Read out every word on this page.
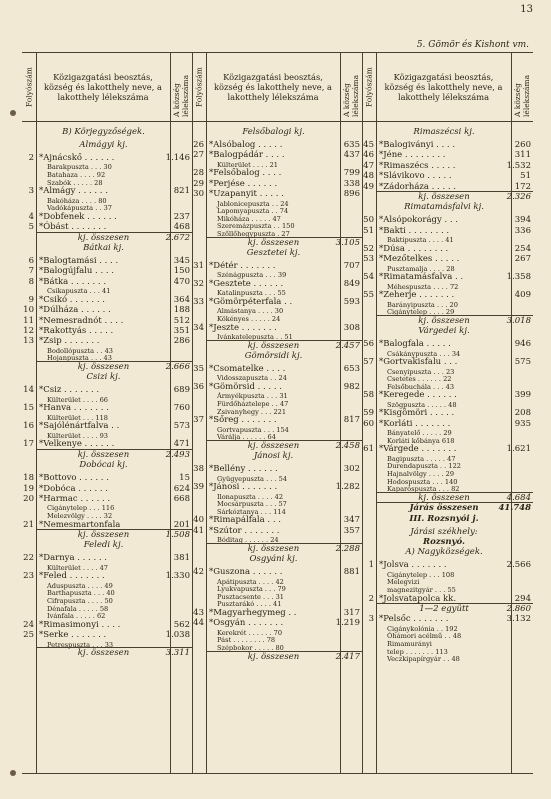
13
5. Gömör és Kishont vm.
Folyószám	Közigazgatási beosztás, község és lakotthely neve, a lakotthely lélekszáma	A község lélekszáma
B) Körjegyzőségek.
Almágyi kj.
2 *Ajnácskő . . . . . .	1.146
Barakpuszta . . . 30
Batahaza . . . . 92
Szabók . . . . . 28
3 *Almágy . . . . . .	821
Bakóháza . . . . 80
Vadókápuszta . . 37
4 *Dobfenek . . . . . .	237
5 *Óbást . . . . . . .	468
kj. összesen	2.672
Bátkai kj.
6 *Balogtamási . . . .	345
7 *Balogújfalu . . . .	150
8 *Bátka . . . . . . .	470
Csikapuszta . . . 41
9 *Csikó . . . . . . .	364
10 *Dúlháza . . . . . .	188
11 *Nemesradnót . . . .	512
12 *Rakottyás . . . . .	351
13 *Zsip . . . . . . .	286
Bodollópuszta . . 43
Hojanpuszta . . . 43
kj. összesen	2.666
Csizi kj.
14 *Csiz . . . . . . .	689
Külterület . . . . 66
15 *Hanva . . . . . . .	760
Külterület . . . 118
16 *Sajólénártfalva . .	573
Külterület . . . . 93
17 *Velkenye . . . . . .	471
kj. összesen	2.493
Dobócai kj.
18 *Bottovo . . . . . .	15
19 *Dobóca . . . . . .	624
20 *Harmac . . . . . .	668
Cigánytelep . . . 116
Melezvölgy . . . . 32
21 *Nemesmartonfala	201
kj. összesen	1.508
Feledi kj.
22 *Darnya . . . . . .	381
Külterület . . . . 47
23 *Feled . . . . . . .	1.330
Aduspuszta . . . . 49
Barthapuszta . . . 40
Cifrapuszta . . . . 50
Dénafala . . . . . 58
Ivánfala . . . . . 62
24 *Rimasimonyi . . . .	562
25 *Serke . . . . . . .	1.038
Petrespuszta . . . 33
kj. összesen	3.311
Folyószám	Közigazgatási beosztás, község és lakotthely neve, a lakotthely lélekszáma	A község lélekszáma
Felsőbalogi kj.
26 *Alsóbalog . . . . .	635
27 *Balogpádár . . . .	437
Külterület . . . . 21
28 *Felsőbalog . . . .	799
29 *Perjése . . . . . .	338
30 *Uzapanyit . . . . .	896
Jablonicepuszta . . 24
Lapomyapuszta . . 74
Mikóháza . . . . . 47
Szeremázpuszta . . 150
Szőllőhegypuszta . 27
kj. összesen	3.105
Gesztetei kj.
31 *Détér . . . . . . .	707
Szénágpuszta . . . 39
32 *Gesztete . . . . . .	849
Katalinpuszta . . . 55
33 *Gömörpéterfala . .	593
Almástanya . . . . 30
Kökényes . . . . . 24
34 *Jeszte . . . . . . .	308
Ivánkatelepuszta . . 51
kj. összesen	2.457
Gömörsidi kj.
35 *Csomatelke . . . .	653
Vidosszapuszta . . 24
36 *Gömörsid . . . . .	982
Ármyékpuszta . . . 31
Fürdőháztelepe . . 47
Zsivanyhegy . . . 221
37 *Sőreg . . . . . . .	817
Gortvapuszta . . . 154
Várálja . . . . . . 64
kj. összesen	2.458
Jánosi kj.
38 *Bellény . . . . . .	302
Gyügyepuszta . . . 54
39 *Jánosi . . . . . . .	1.282
Ilonapuszta . . . . 42
Mocsárpuszta . . . 57
Sárkóztanya . . . 114
40 *Rimapálfala . . .	347
41 *Szútor . . . . . . .	357
Bóditag . . . . . . 24
kj. összesen	2.288
Osgyáni kj.
42 *Guszona . . . . . .	881
Apátipuszta . . . . 42
Lyukvapuszta . . . 79
Pusztacsente . . . 31
Pusztarákó . . . . 41
43 *Magyarhegymeg . .	317
44 *Osgyán . . . . . . .	1.219
Kerekrét . . . . . . 70
Pást . . . . . . . . 78
Szépbokor . . . . . 80
kj. összesen	2.417
Folyószám	Közigazgatási beosztás, község és lakotthely neve, a lakotthely lélekszáma	A község lélekszáma
Rimaszécsi kj.
45 *Balogiványi . . . .	260
46 *Jéne . . . . . . . .	311
47 *Rimaszécs . . . . .	1.532
48 *Slávikovo . . . . .	51
49 *Zádorháza . . . . .	172
kj. összesen	2.326
Rimatamásfalvi kj.
50 *Alsópokorágy . . .	394
51 *Bakti . . . . . . . .	336
Baktipuszta . . . . 41
52 *Dúsa . . . . . . . .	254
53 *Mezőtelkes . . . . .	267
Pusztamalja . . . . 28
54 *Rimatamásfalva . .	1.358
Méhespuszta . . . . 72
55 *Zeherje . . . . . . .	409
Barányipuszta . . . 20
Cigánytelep . . . . 29
kj. összesen	3.018
Várgedei kj.
56 *Balogfala . . . . .	946
Csákánypuszta . . . 34
57 *Gortvakisfalu . . .	575
Csenyipuszta . . . 23
Csetetes . . . . . . 22
Felsőbuchála . . . 43
58 *Keregede . . . . . .	399
Szögpuszta . . . . . 48
59 *Kisgömöri . . . . .	208
60 *Korláti . . . . . . .	935
Bányatelő . . . . . 29
Korláti kőbánya 618
61 *Várgede . . . . . . .	1.621
Bagipuszta . . . . . 47
Durendapuszta . . 122
Hajnalvölgy . . . . 29
Hodospuszta . . . 140
Kaparóspuszta . . . 82
kj. összesen	4.684
Járás összesen	41.748
III. Rozsnyói j.
Járási székhely:
Rozsnyó.
A) Nagyközségek.
1 *Jolsva . . . . . . .	2.566
Cigánytelep . . . 108
Melegvizi
magnezitgyár . . . 55
2 *Jolsvatapolca kk.	294
1—2 együtt	2.860
3 *Pelsőc . . . . . . .	3.132
Cigánykolónia . . 192
Óhámori acélmű . . 48
Rimamurányi
telep . . . . . . . 113
Veczkipapírgyár . . 48
